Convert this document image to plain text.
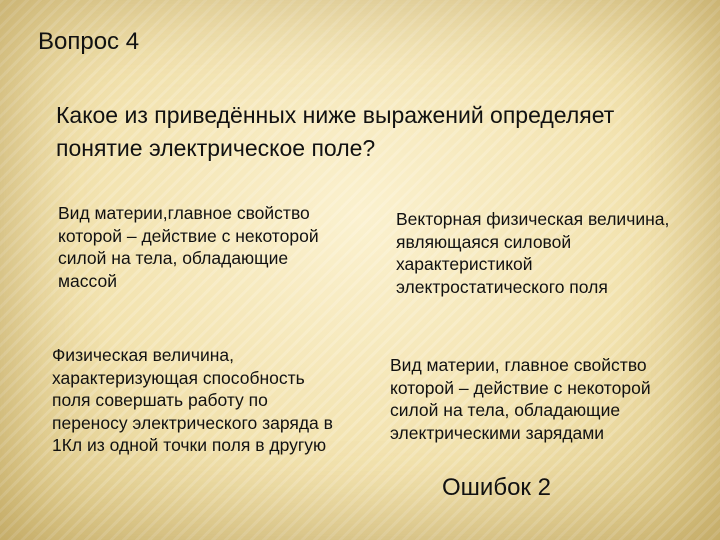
Вопрос 4
Какое из приведённых ниже выражений определяет понятие электрическое поле?
Вид материи,главное свойство которой – действие с некоторой силой на тела, обладающие массой
Векторная физическая величина, являющаяся силовой характеристикой электростатического поля
Физическая величина, характеризующая способность поля совершать работу по переносу электрического заряда в 1Кл из одной точки поля в другую
Вид материи, главное свойство которой – действие с некоторой силой на тела, обладающие электрическими зарядами
Ошибок 2
